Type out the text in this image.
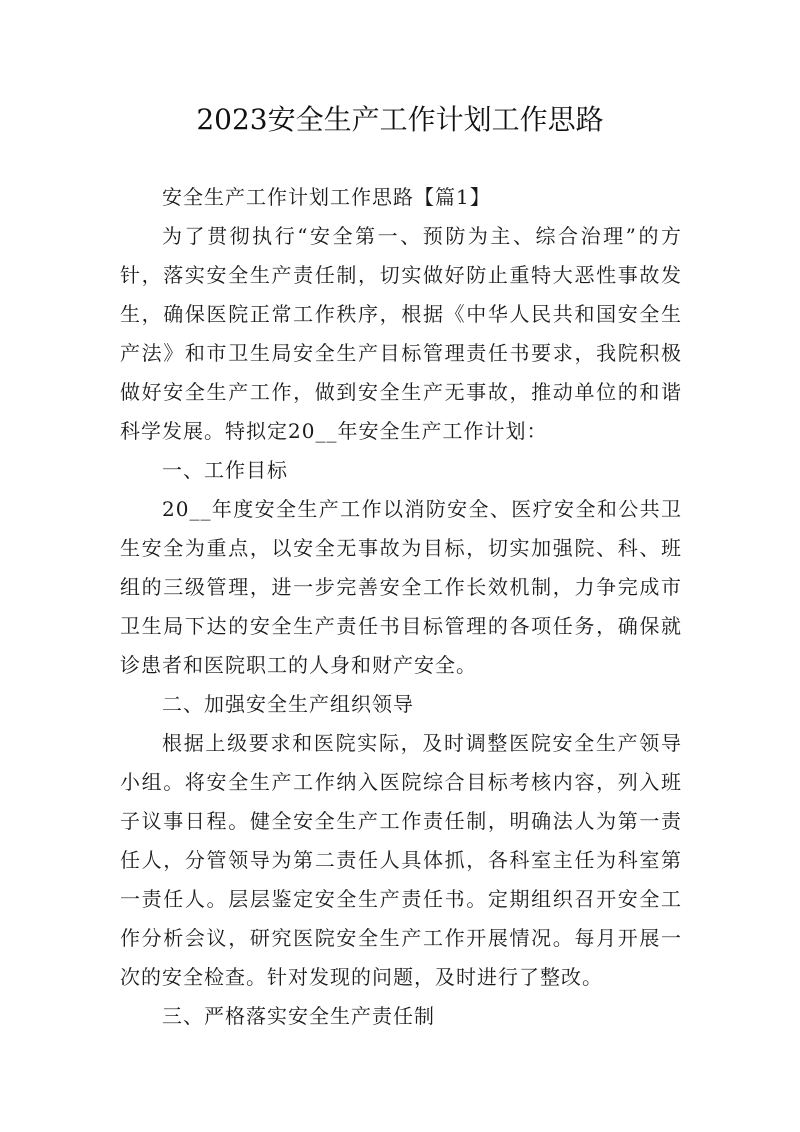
2023安全生产工作计划工作思路

安全生产工作计划工作思路【篇1】

为了贯彻执行“安全第一、预防为主、综合治理”的方针，落实安全生产责任制，切实做好防止重特大恶性事故发生，确保医院正常工作秩序，根据《中华人民共和国安全生产法》和市卫生局安全生产目标管理责任书要求，我院积极做好安全生产工作，做到安全生产无事故，推动单位的和谐科学发展。特拟定20__年安全生产工作计划：

一、工作目标

20__年度安全生产工作以消防安全、医疗安全和公共卫生安全为重点，以安全无事故为目标，切实加强院、科、班组的三级管理，进一步完善安全工作长效机制，力争完成市卫生局下达的安全生产责任书目标管理的各项任务，确保就诊患者和医院职工的人身和财产安全。

二、加强安全生产组织领导

根据上级要求和医院实际，及时调整医院安全生产领导小组。将安全生产工作纳入医院综合目标考核内容，列入班子议事日程。健全安全生产工作责任制，明确法人为第一责任人，分管领导为第二责任人具体抓，各科室主任为科室第一责任人。层层鉴定安全生产责任书。定期组织召开安全工作分析会议，研究医院安全生产工作开展情况。每月开展一次的安全检查。针对发现的问题，及时进行了整改。

三、严格落实安全生产责任制
